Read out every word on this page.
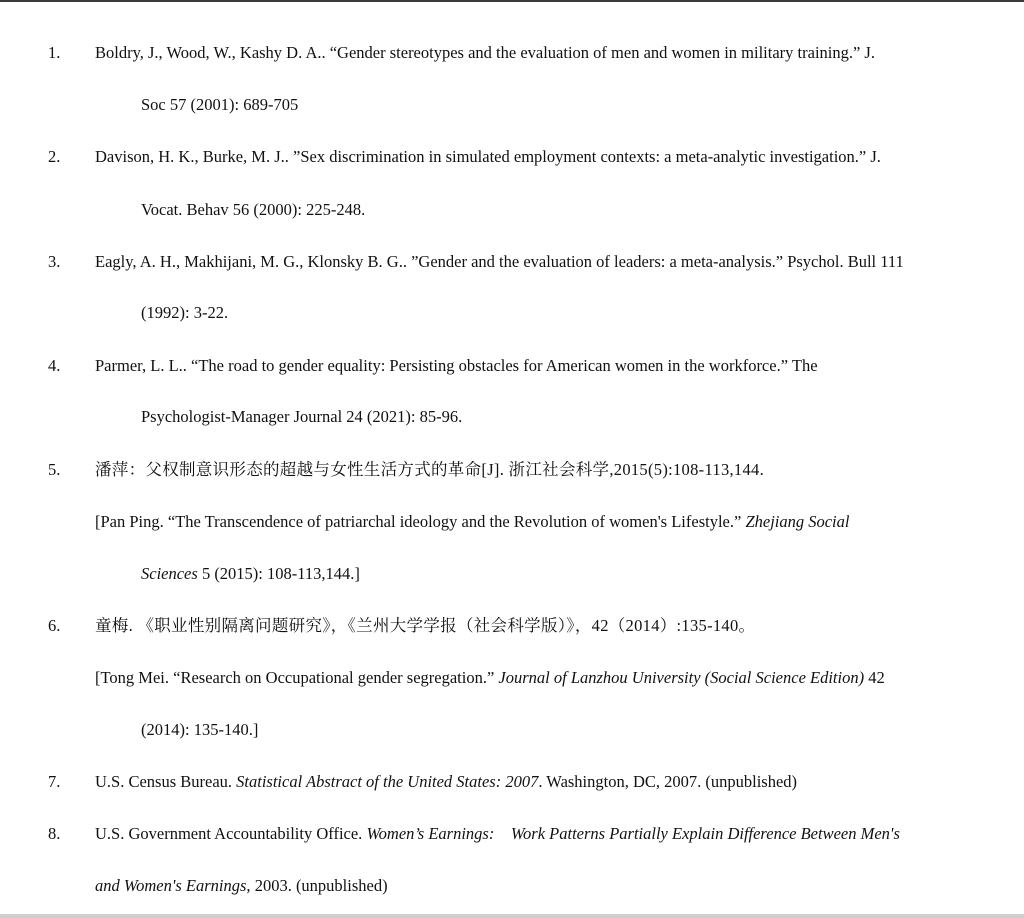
1. Boldry, J., Wood, W., Kashy D. A.. “Gender stereotypes and the evaluation of men and women in military training.” J.
Soc 57 (2001): 689-705
2. Davison, H. K., Burke, M. J.. ”Sex discrimination in simulated employment contexts: a meta-analytic investigation.” J.
Vocat. Behav 56 (2000): 225-248.
3. Eagly, A. H., Makhijani, M. G., Klonsky B. G.. ”Gender and the evaluation of leaders: a meta-analysis.” Psychol. Bull 111
(1992): 3-22.
4. Parmer, L. L.. “The road to gender equality: Persisting obstacles for American women in the workforce.” The
Psychologist-Manager Journal 24 (2021): 85-96.
5. 潘萍：父权制意识形态的超越与女性生活方式的革命[J]. 浙江社会科学,2015(5):108-113,144.
[Pan Ping. “The Transcendence of patriarchal ideology and the Revolution of women's Lifestyle.” Zhejiang Social
Sciences 5 (2015): 108-113,144.]
6. 童梅. 《职业性别隔离问题研究》，《兰州大学学报（社会科学版）》，42（2014）:135-140。
[Tong Mei. “Research on Occupational gender segregation.” Journal of Lanzhou University (Social Science Edition) 42
(2014): 135-140.]
7. U.S. Census Bureau. Statistical Abstract of the United States: 2007. Washington, DC, 2007. (unpublished)
8. U.S. Government Accountability Office. Women’s Earnings:    Work Patterns Partially Explain Difference Between Men's
and Women's Earnings, 2003. (unpublished)
